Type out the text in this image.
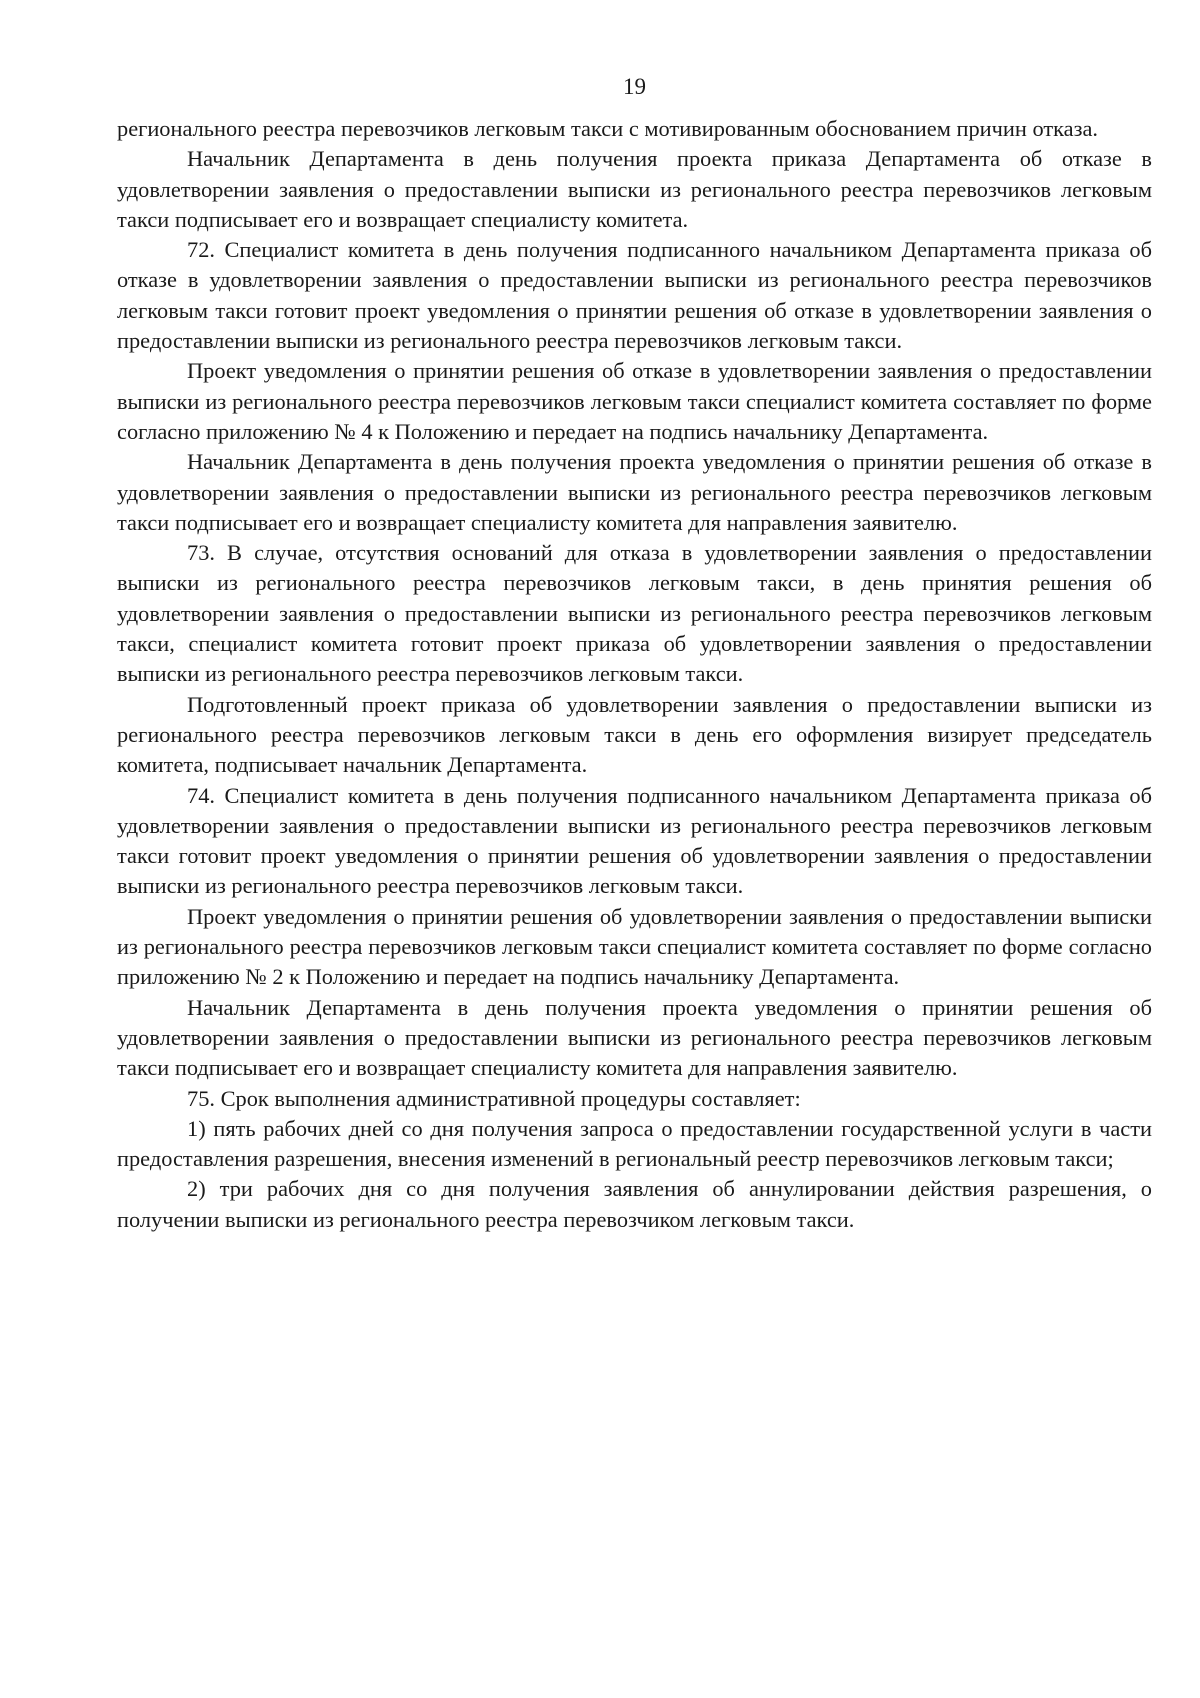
19

регионального реестра перевозчиков легковым такси с мотивированным обоснованием причин отказа.

Начальник Департамента в день получения проекта приказа Департамента об отказе в удовлетворении заявления о предоставлении выписки из регионального реестра перевозчиков легковым такси подписывает его и возвращает специалисту комитета.

72. Специалист комитета в день получения подписанного начальником Департамента приказа об отказе в удовлетворении заявления о предоставлении выписки из регионального реестра перевозчиков легковым такси готовит проект уведомления о принятии решения об отказе в удовлетворении заявления о предоставлении выписки из регионального реестра перевозчиков легковым такси.

Проект уведомления о принятии решения об отказе в удовлетворении заявления о предоставлении выписки из регионального реестра перевозчиков легковым такси специалист комитета составляет по форме согласно приложению № 4 к Положению и передает на подпись начальнику Департамента.

Начальник Департамента в день получения проекта уведомления о принятии решения об отказе в удовлетворении заявления о предоставлении выписки из регионального реестра перевозчиков легковым такси подписывает его и возвращает специалисту комитета для направления заявителю.

73. В случае, отсутствия оснований для отказа в удовлетворении заявления о предоставлении выписки из регионального реестра перевозчиков легковым такси, в день принятия решения об удовлетворении заявления о предоставлении выписки из регионального реестра перевозчиков легковым такси, специалист комитета готовит проект приказа об удовлетворении заявления о предоставлении выписки из регионального реестра перевозчиков легковым такси.

Подготовленный проект приказа об удовлетворении заявления о предоставлении выписки из регионального реестра перевозчиков легковым такси в день его оформления визирует председатель комитета, подписывает начальник Департамента.

74. Специалист комитета в день получения подписанного начальником Департамента приказа об удовлетворении заявления о предоставлении выписки из регионального реестра перевозчиков легковым такси готовит проект уведомления о принятии решения об удовлетворении заявления о предоставлении выписки из регионального реестра перевозчиков легковым такси.

Проект уведомления о принятии решения об удовлетворении заявления о предоставлении выписки из регионального реестра перевозчиков легковым такси специалист комитета составляет по форме согласно приложению № 2 к Положению и передает на подпись начальнику Департамента.

Начальник Департамента в день получения проекта уведомления о принятии решения об удовлетворении заявления о предоставлении выписки из регионального реестра перевозчиков легковым такси подписывает его и возвращает специалисту комитета для направления заявителю.

75. Срок выполнения административной процедуры составляет:

1) пять рабочих дней со дня получения запроса о предоставлении государственной услуги в части предоставления разрешения, внесения изменений в региональный реестр перевозчиков легковым такси;

2) три рабочих дня со дня получения заявления об аннулировании действия разрешения, о получении выписки из регионального реестра перевозчиком легковым такси.
